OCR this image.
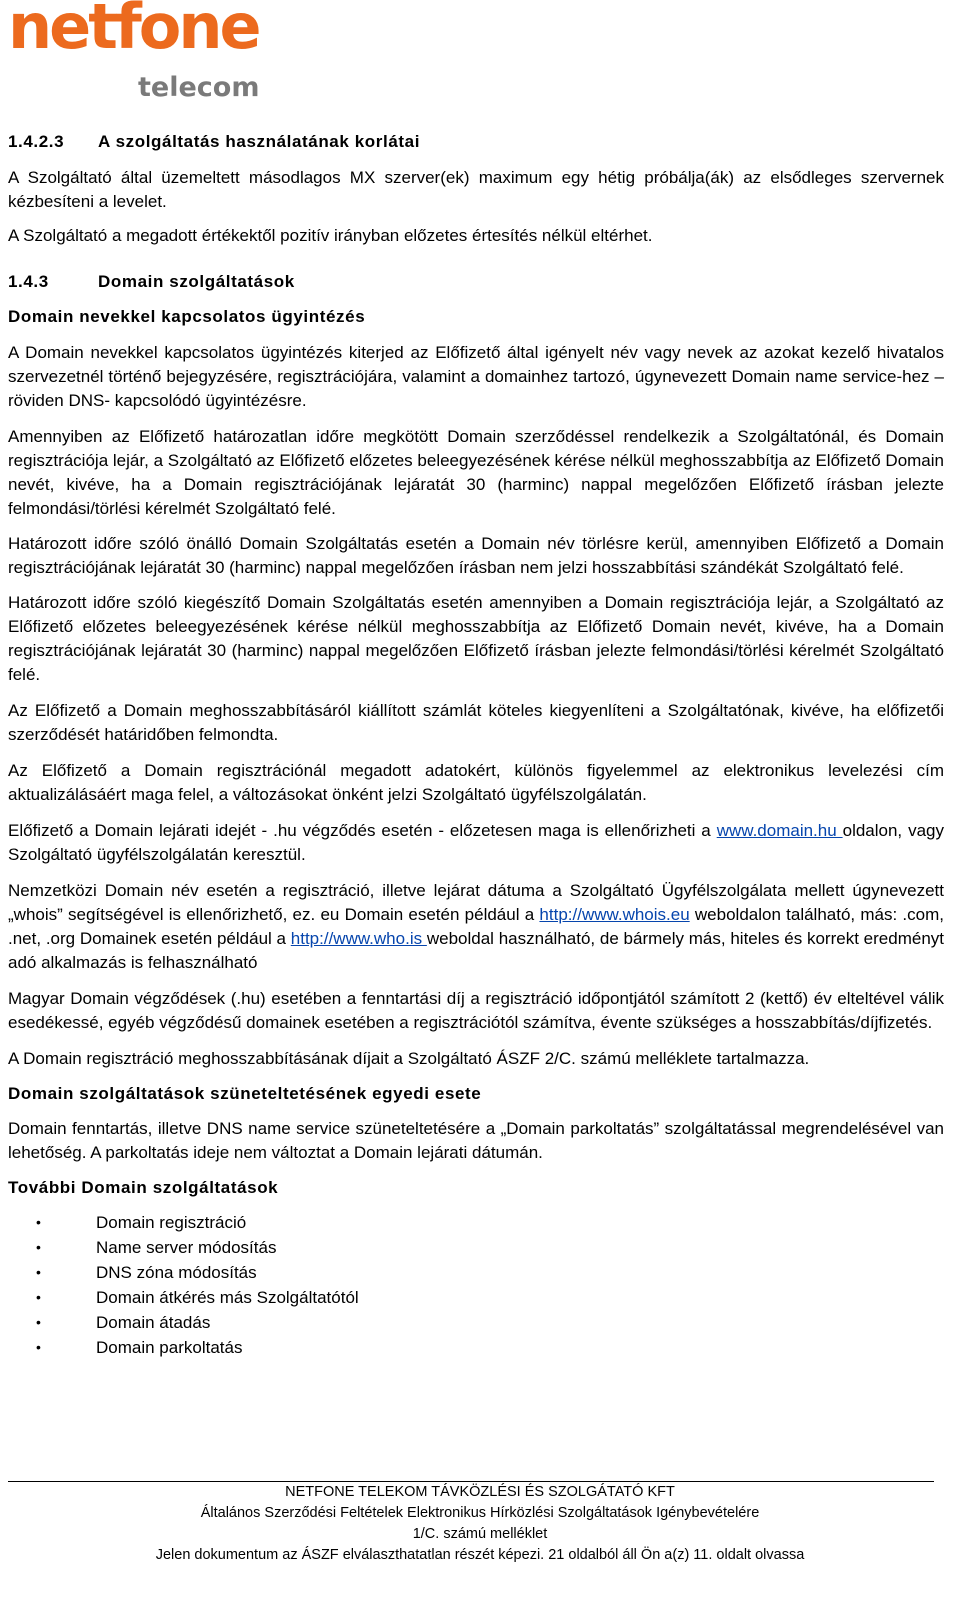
netfone
telecom
1.4.2.3 A szolgáltatás használatának korlátai

A Szolgáltató által üzemeltett másodlagos MX szerver(ek) maximum egy hétig próbálja(ák) az elsődleges szervernek kézbesíteni a levelet.

A Szolgáltató a megadott értékektől pozitív irányban előzetes értesítés nélkül eltérhet.

1.4.3	Domain szolgáltatások
Domain nevekkel kapcsolatos ügyintézés

A Domain nevekkel kapcsolatos ügyintézés kiterjed az Előfizető által igényelt név vagy nevek az azokat kezelő hivatalos szervezetnél történő bejegyzésére, regisztrációjára, valamint a domainhez tartozó, úgynevezett Domain name service-hez – röviden DNS- kapcsolódó ügyintézésre.

Amennyiben az Előfizető határozatlan időre megkötött Domain szerződéssel rendelkezik a Szolgáltatónál, és Domain regisztrációja lejár, a Szolgáltató az Előfizető előzetes beleegyezésének kérése nélkül meghosszabbítja az Előfizető Domain nevét, kivéve, ha a Domain regisztrációjának lejáratát 30 (harminc) nappal megelőzően Előfizető írásban jelezte felmondási/törlési kérelmét Szolgáltató felé.

Határozott időre szóló önálló Domain Szolgáltatás esetén a Domain név törlésre kerül, amennyiben Előfizető a Domain regisztrációjának lejáratát 30 (harminc) nappal megelőzően írásban nem jelzi hosszabbítási szándékát Szolgáltató felé.

Határozott időre szóló kiegészítő Domain Szolgáltatás esetén amennyiben a Domain regisztrációja lejár, a Szolgáltató az Előfizető előzetes beleegyezésének kérése nélkül meghosszabbítja az Előfizető Domain nevét, kivéve, ha a Domain regisztrációjának lejáratát 30 (harminc) nappal megelőzően Előfizető írásban jelezte felmondási/törlési kérelmét Szolgáltató felé.

Az Előfizető a Domain meghosszabbításáról kiállított számlát köteles kiegyenlíteni a Szolgáltatónak, kivéve, ha előfizetői szerződését határidőben felmondta.

Az Előfizető a Domain regisztrációnál megadott adatokért, különös figyelemmel az elektronikus levelezési cím aktualizálásáért maga felel, a változásokat önként jelzi Szolgáltató ügyfélszolgálatán.

Előfizető a Domain lejárati idejét - .hu végződés esetén - előzetesen maga is ellenőrizheti a www.domain.hu oldalon, vagy Szolgáltató ügyfélszolgálatán keresztül.

Nemzetközi Domain név esetén a regisztráció, illetve lejárat dátuma a Szolgáltató Ügyfélszolgálata mellett úgynevezett „whois” segítségével is ellenőrizhető, ez. eu Domain esetén például a http://www.whois.eu weboldalon található, más: .com, .net, .org Domainek esetén például a http://www.who.is weboldal használható, de bármely más, hiteles és korrekt eredményt adó alkalmazás is felhasználható

Magyar Domain végződések (.hu) esetében a fenntartási díj a regisztráció időpontjától számított 2 (kettő) év elteltével válik esedékessé, egyéb végződésű domainek esetében a regisztrációtól számítva, évente szükséges a hosszabbítás/díjfizetés.

A Domain regisztráció meghosszabbításának díjait a Szolgáltató ÁSZF 2/C. számú melléklete tartalmazza.

Domain szolgáltatások szüneteltetésének egyedi esete

Domain fenntartás, illetve DNS name service szüneteltetésére a „Domain parkoltatás” szolgáltatással megrendelésével van lehetőség. A parkoltatás ideje nem változtat a Domain lejárati dátumán.

További Domain szolgáltatások
•	Domain regisztráció
•	Name server módosítás
•	DNS zóna módosítás
•	Domain átkérés más Szolgáltatótól
•	Domain átadás
•	Domain parkoltatás
NETFONE TELEKOM TÁVKÖZLÉSI ÉS SZOLGÁTATÓ KFT
Általános Szerződési Feltételek Elektronikus Hírközlési Szolgáltatások Igénybevételére
1/C. számú melléklet
Jelen dokumentum az ÁSZF elválaszthatatlan részét képezi. 21 oldalból áll Ön a(z) 11. oldalt olvassa
